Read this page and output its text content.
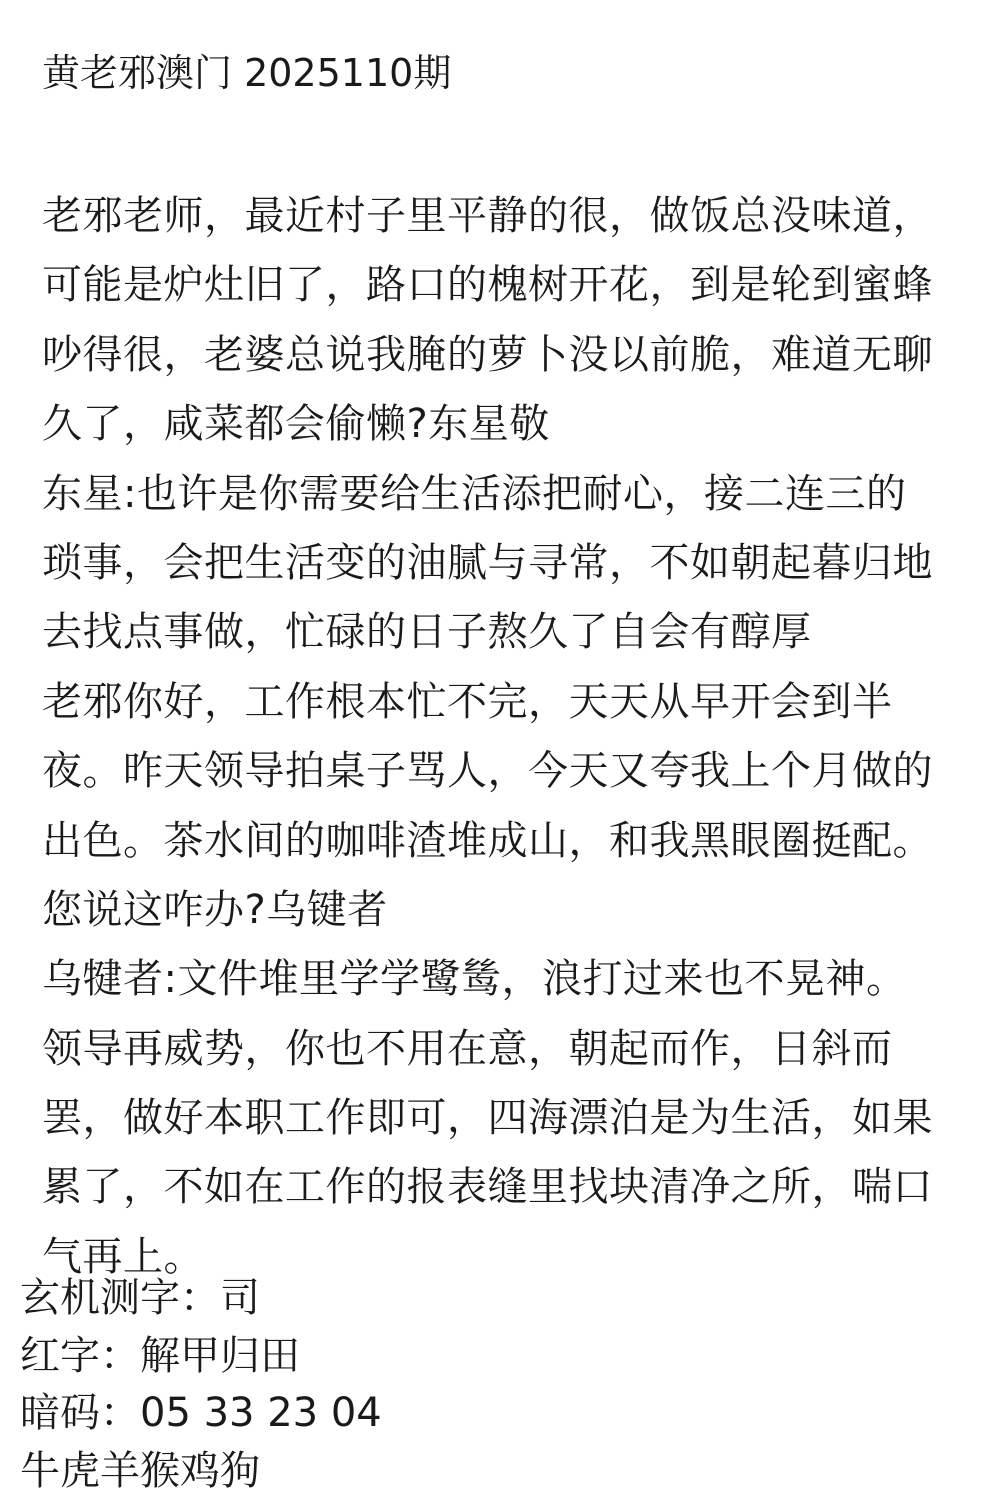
黄老邪澳门 2025110期
老邪老师，最近村子里平静的很，做饭总没味道，
可能是炉灶旧了，路口的槐树开花，到是轮到蜜蜂
吵得很，老婆总说我腌的萝卜没以前脆，难道无聊
久了，咸菜都会偷懒?东星敬
东星:也许是你需要给生活添把耐心，接二连三的
琐事，会把生活变的油腻与寻常，不如朝起暮归地
去找点事做，忙碌的日子熬久了自会有醇厚
老邪你好，工作根本忙不完，天天从早开会到半
夜。昨天领导拍桌子骂人，今天又夸我上个月做的
出色。茶水间的咖啡渣堆成山，和我黑眼圈挺配。
您说这咋办?乌键者
乌犍者:文件堆里学学鹭鸶，浪打过来也不晃神。
领导再威势，你也不用在意，朝起而作，日斜而
罢，做好本职工作即可，四海漂泊是为生活，如果
累了，不如在工作的报表缝里找块清净之所，喘口
气再上。
玄机测字：司
红字：解甲归田
暗码：05 33 23 04
牛虎羊猴鸡狗
